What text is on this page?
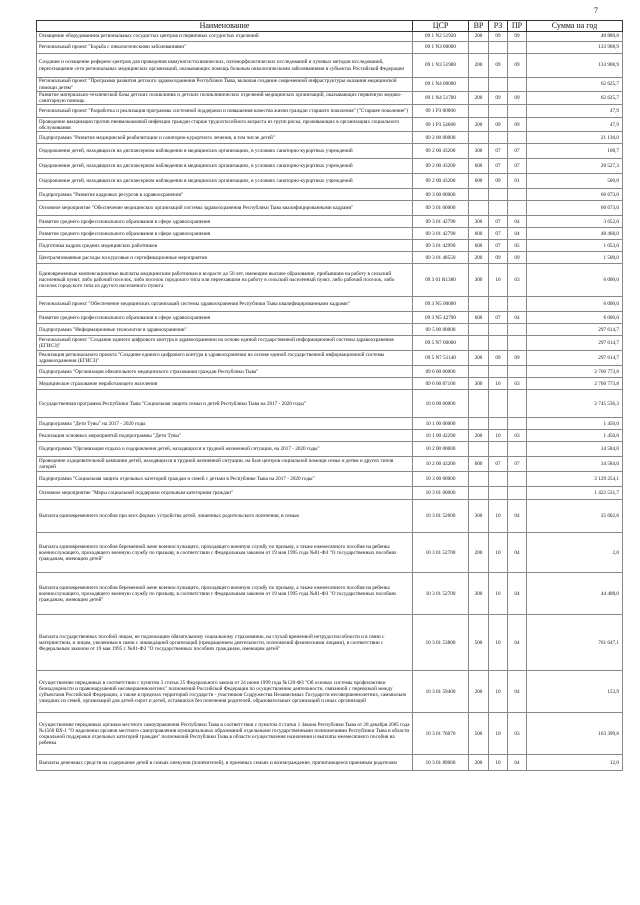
7
Наименование	ЦСР	ВР	РЗ	ПР	Сумма на год
Оснащение оборудованием региональных сосудистых центров и первичных сосудистых отделений	09 1 N2 51920	200	09	09	40 880,8
Региональный проект "Борьба с онкологическими заболеваниями"	09 1 N3 00000				133 908,9
Создание и оснащение референс-центров для проведения иммуногистохимических, патоморфологических исследований и лучевых методов исследований, переоснащение сети региональных медицинских организаций, оказывающих помощь больным онкологическими заболеваниями в субъектах Российской Федерации	09 1 N3 51900	200	09	09	133 908,9
Региональный проект "Программа развития детского здравоохранения Республики Тыва, включая создание современной инфраструктуры оказания медицинской помощи детям"	09 1 N4 00000				62 625,7
Развитие материально-технической базы детских поликлиник и детских поликлинических отделений медицинских организаций, оказывающих первичную медико-санитарную помощь	09 1 N4 51700	200	09	09	62 625,7
Региональный проект "Разработка и реализация программы системной поддержки и повышения качества жизни граждан старшего поколения" ("Старшее поколение")	09 1 P3 00000				47,9
Проведение вакцинации против пневмококковой инфекции граждан старше трудоспособного возраста из групп риска, проживающих в организациях социального обслуживания	09 1 P3 54680	200	09	09	47,9
Подпрограмма "Развитие медицинской реабилитации и санаторно-курортного лечения, в том числе детей"	09 2 00 00000				21 136,0
Оздоровление детей, находящихся на диспансерном наблюдении в медицинских организациях, в условиях санаторно-курортных учреждений	09 2 00 43200	300	07	07	108,7
Оздоровление детей, находящихся на диспансерном наблюдении в медицинских организациях, в условиях санаторно-курортных учреждений	09 2 00 43200	600	07	07	20 527,3
Оздоровление детей, находящихся на диспансерном наблюдении в медицинских организациях, в условиях санаторно-курортных учреждений	09 2 00 43200	600	09	01	500,0
Подпрограмма "Развитие кадровых ресурсов в здравоохранении"	09 3 00 00000				66 673,0
Основное мероприятие "Обеспечение медицинских организаций системы здравоохранения Республики Тыва квалифицированными кадрами"	09 3 01 00000				60 673,0
Развитие среднего профессионального образования в сфере здравоохранения	09 3 01 42790	300	07	04	3 652,0
Развитие среднего профессионального образования в сфере здравоохранения	09 3 01 42790	600	07	04	48 468,0
Подготовка кадров средних медицинских работников	09 3 01 42990	600	07	05	1 053,0
Централизованные расходы на курсовые и сертификационные мероприятия	09 3 01 48550	200	09	09	1 500,0
Единовременные компенсационные выплаты медицинским работникам в возрасте до 50 лет, имеющим высшее образование, прибывшим на работу в сельский населенный пункт, либо рабочий поселок, либо поселок городского типа или переехавшим на работу в сельский населенный пункт, либо рабочий поселок, либо поселок городского типа из другого населенного пункта	09 3 01 R1380	300	10	03	6 000,0
Региональный проект "Обеспечение медицинских организаций системы здравоохранения Республики Тыва квалифицированными кадрами"	09 3 N5 00000				6 000,0
Развитие среднего профессионального образования в сфере здравоохранения	09 3 N5 42790	600	07	04	6 000,0
Подпрограмма "Информационные технологии в здравоохранении"	09 5 00 00000				297 614,7
Региональный проект "Создание единого цифрового контура в здравоохранении на основе единой государственной информационной системы здравоохранения (ЕГИСЗ)"	09 5 N7 00000				297 614,7
Реализация регионального проекта "Создание единого цифрового контура в здравоохранении на основе единой государственной информационной системы здравоохранения (ЕГИСЗ)"	09 5 N7 51140	200	09	09	297 614,7
Подпрограмма "Организация обязательного медицинского страхования граждан Республики Тыва"	09 6 00 00000				2 760 773,8
Медицинское страхование неработающего населения	09 6 00 87100	300	10	03	2 760 773,8
Государственная программа Республики Тыва "Социальная защита семьи и детей Республики Тыва на 2017 - 2020 годы"	10 0 00 00000				2 745 536,3
Подпрограмма "Дети Тувы" на 2017 - 2020 годы	10 1 00 00000				1 450,0
Реализация основных мероприятий подпрограммы "Дети Тувы"	10 1 00 42290	200	10	03	1 450,0
Подпрограмма "Организация отдыха и оздоровления детей, находящихся в трудной жизненной ситуации, на 2017 - 2020 годы"	10 2 00 00000				34 584,0
Проведение оздоровительной кампании детей, находящихся в трудной жизненной ситуации, на базе центров социальной помощи семье и детям и других типов лагерей	10 2 00 43200	600	07	07	34 584,0
Подпрограмма "Социальная защита отдельных категорий граждан и семей с детьми в Республике Тыва на 2017 - 2020 годы"	10 3 00 00000				2 129 254,1
Основное мероприятие "Меры социальной поддержки отдельным категориям граждан"	10 3 01 00000				1 422 531,7
Выплата единовременного пособия при всех формах устройства детей, лишенных родительского попечения, в семью	10 3 01 52600	300	10	04	25 602,6
Выплата единовременного пособия беременной жене военнослужащего, проходящего военную службу по призыву, а также ежемесячного пособия на ребенка военнослужащего, проходящего военную службу по призыву, в соответствии с Федеральным законом от 19 мая 1995 года №81-ФЗ "О государственных пособиях гражданам, имеющим детей"	10 3 01 52700	200	10	04	2,0
Выплата единовременного пособия беременной жене военнослужащего, проходящего военную службу по призыву, а также ежемесячного пособия на ребенка военнослужащего, проходящего военную службу по призыву, в соответствии с Федеральным законом от 19 мая 1995 года №81-ФЗ "О государственных пособиях гражданам, имеющим детей"	10 3 01 52700	300	10	04	44 408,0
Выплата государственных пособий лицам, не подлежащим обязательному социальному страхованию, на случай временной нетрудоспособности и в связи с материнством, и лицам, уволенным в связи с ликвидацией организаций (прекращением деятельности, полномочий физическими лицами), в соответствии с Федеральным законом от 19 мая 1995 г. №81-ФЗ "О государственных пособиях гражданам, имеющим детей"	10 3 01 53800	500	10	04	761 647,1
Осуществление переданных в соответствии с пунктом 3 статьи 25 Федерального закона от 24 июня 1999 года №120-ФЗ "Об основах системы профилактики безнадзорности и правонарушений несовершеннолетних" полномочий Российской Федерации по осуществлению деятельности, связанной с перевозкой между субъектами Российской Федерации, а также в пределах территорий государств - участников Содружества Независимых Государств несовершеннолетних, самовольно ушедших из семей, организаций для детей-сирот и детей, оставшихся без попечения родителей, образовательных организаций и иных организаций	10 3 01 59400	200	10	04	153,9
Осуществление переданных органам местного самоуправления Республики Тыва в соответствии с пунктом 4 статьи 1 Закона Республики Тыва от 28 декабря 2005 года №1560 ВХ-1 "О наделении органов местного самоуправления муниципальных образований отдельными государственными полномочиями Республики Тыва в области социальной поддержки отдельных категорий граждан" полномочий Республики Тыва в области осуществления назначения и выплаты ежемесячного пособия на ребенка	10 3 01 76070	500	10	03	163 399,8
Выплаты денежных средств на содержание детей в семьях опекунов (попечителей), в приемных семьях и вознаграждение, причитающееся приемным родителям	10 3 01 89060	200	10	04	12,0
